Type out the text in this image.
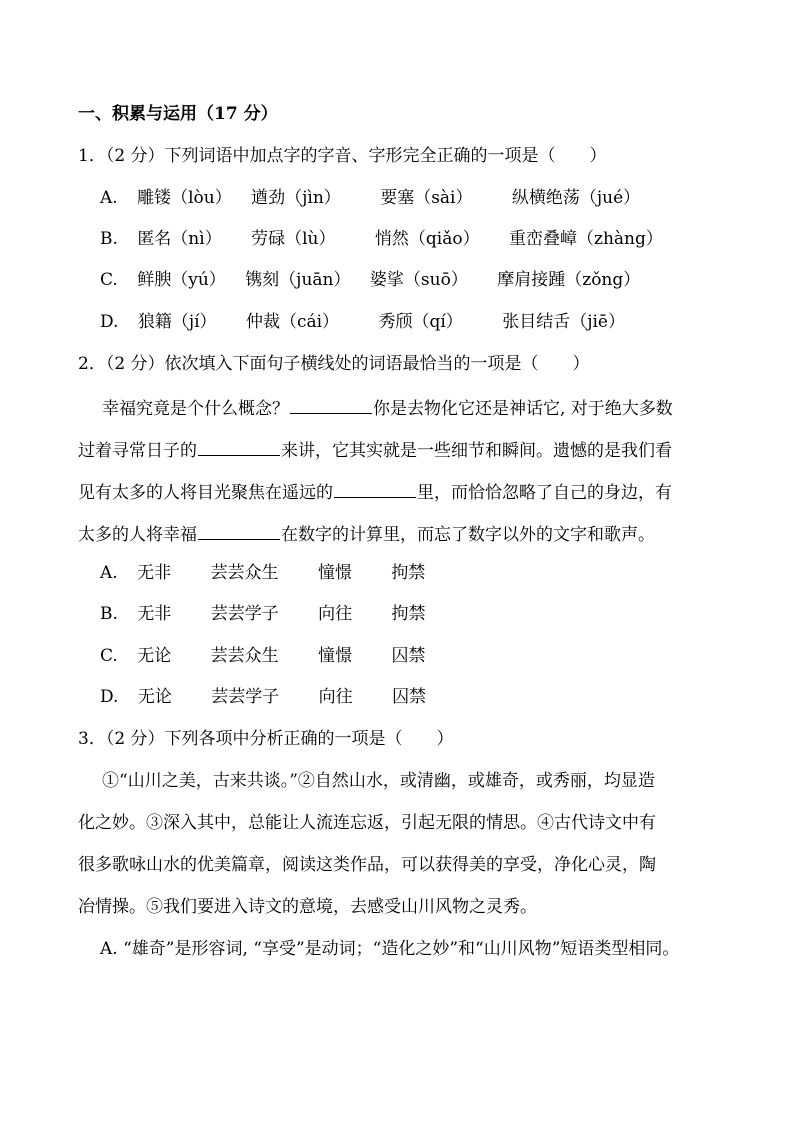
一、积累与运用（17 分）
1．（2 分）下列词语中加点字的字音、字形完全正确的一项是（　　）
A. 雕镂（lòu） 遒劲（jìn） 要塞（sài） 纵横绝荡（jué）
B. 匿名（nì） 劳碌（lù） 悄然（qiǎo） 重峦叠嶂（zhàng）
C. 鲜腴（yú） 镌刻（juān） 婆挲（suō） 摩肩接踵（zǒng）
D. 狼籍（jí） 仲裁（cái） 秀颀（qí） 张目结舌（jiē）
2．（2 分）依次填入下面句子横线处的词语最恰当的一项是（　　）
幸福究竟是个什么概念？	你是去物化它还是神话它, 对于绝大多数
过着寻常日子的	来讲，它其实就是一些细节和瞬间。遗憾的是我们看
见有太多的人将目光聚焦在遥远的	里，而恰恰忽略了自己的身边，有
太多的人将幸福	在数字的计算里，而忘了数字以外的文字和歌声。
A. 无非 芸芸众生 憧憬 拘禁
B. 无非 芸芸学子 向往 拘禁
C. 无论 芸芸众生 憧憬 囚禁
D. 无论 芸芸学子 向往 囚禁
3．（2 分）下列各项中分析正确的一项是（　　）
①“山川之美，古来共谈。”②自然山水，或清幽，或雄奇，或秀丽，均显造
化之妙。③深入其中，总能让人流连忘返，引起无限的情思。④古代诗文中有
很多歌咏山水的优美篇章，阅读这类作品，可以获得美的享受，净化心灵，陶
冶情操。⑤我们要进入诗文的意境，去感受山川风物之灵秀。
A. “雄奇”是形容词, “享受”是动词；“造化之妙”和“山川风物”短语类型相同。
